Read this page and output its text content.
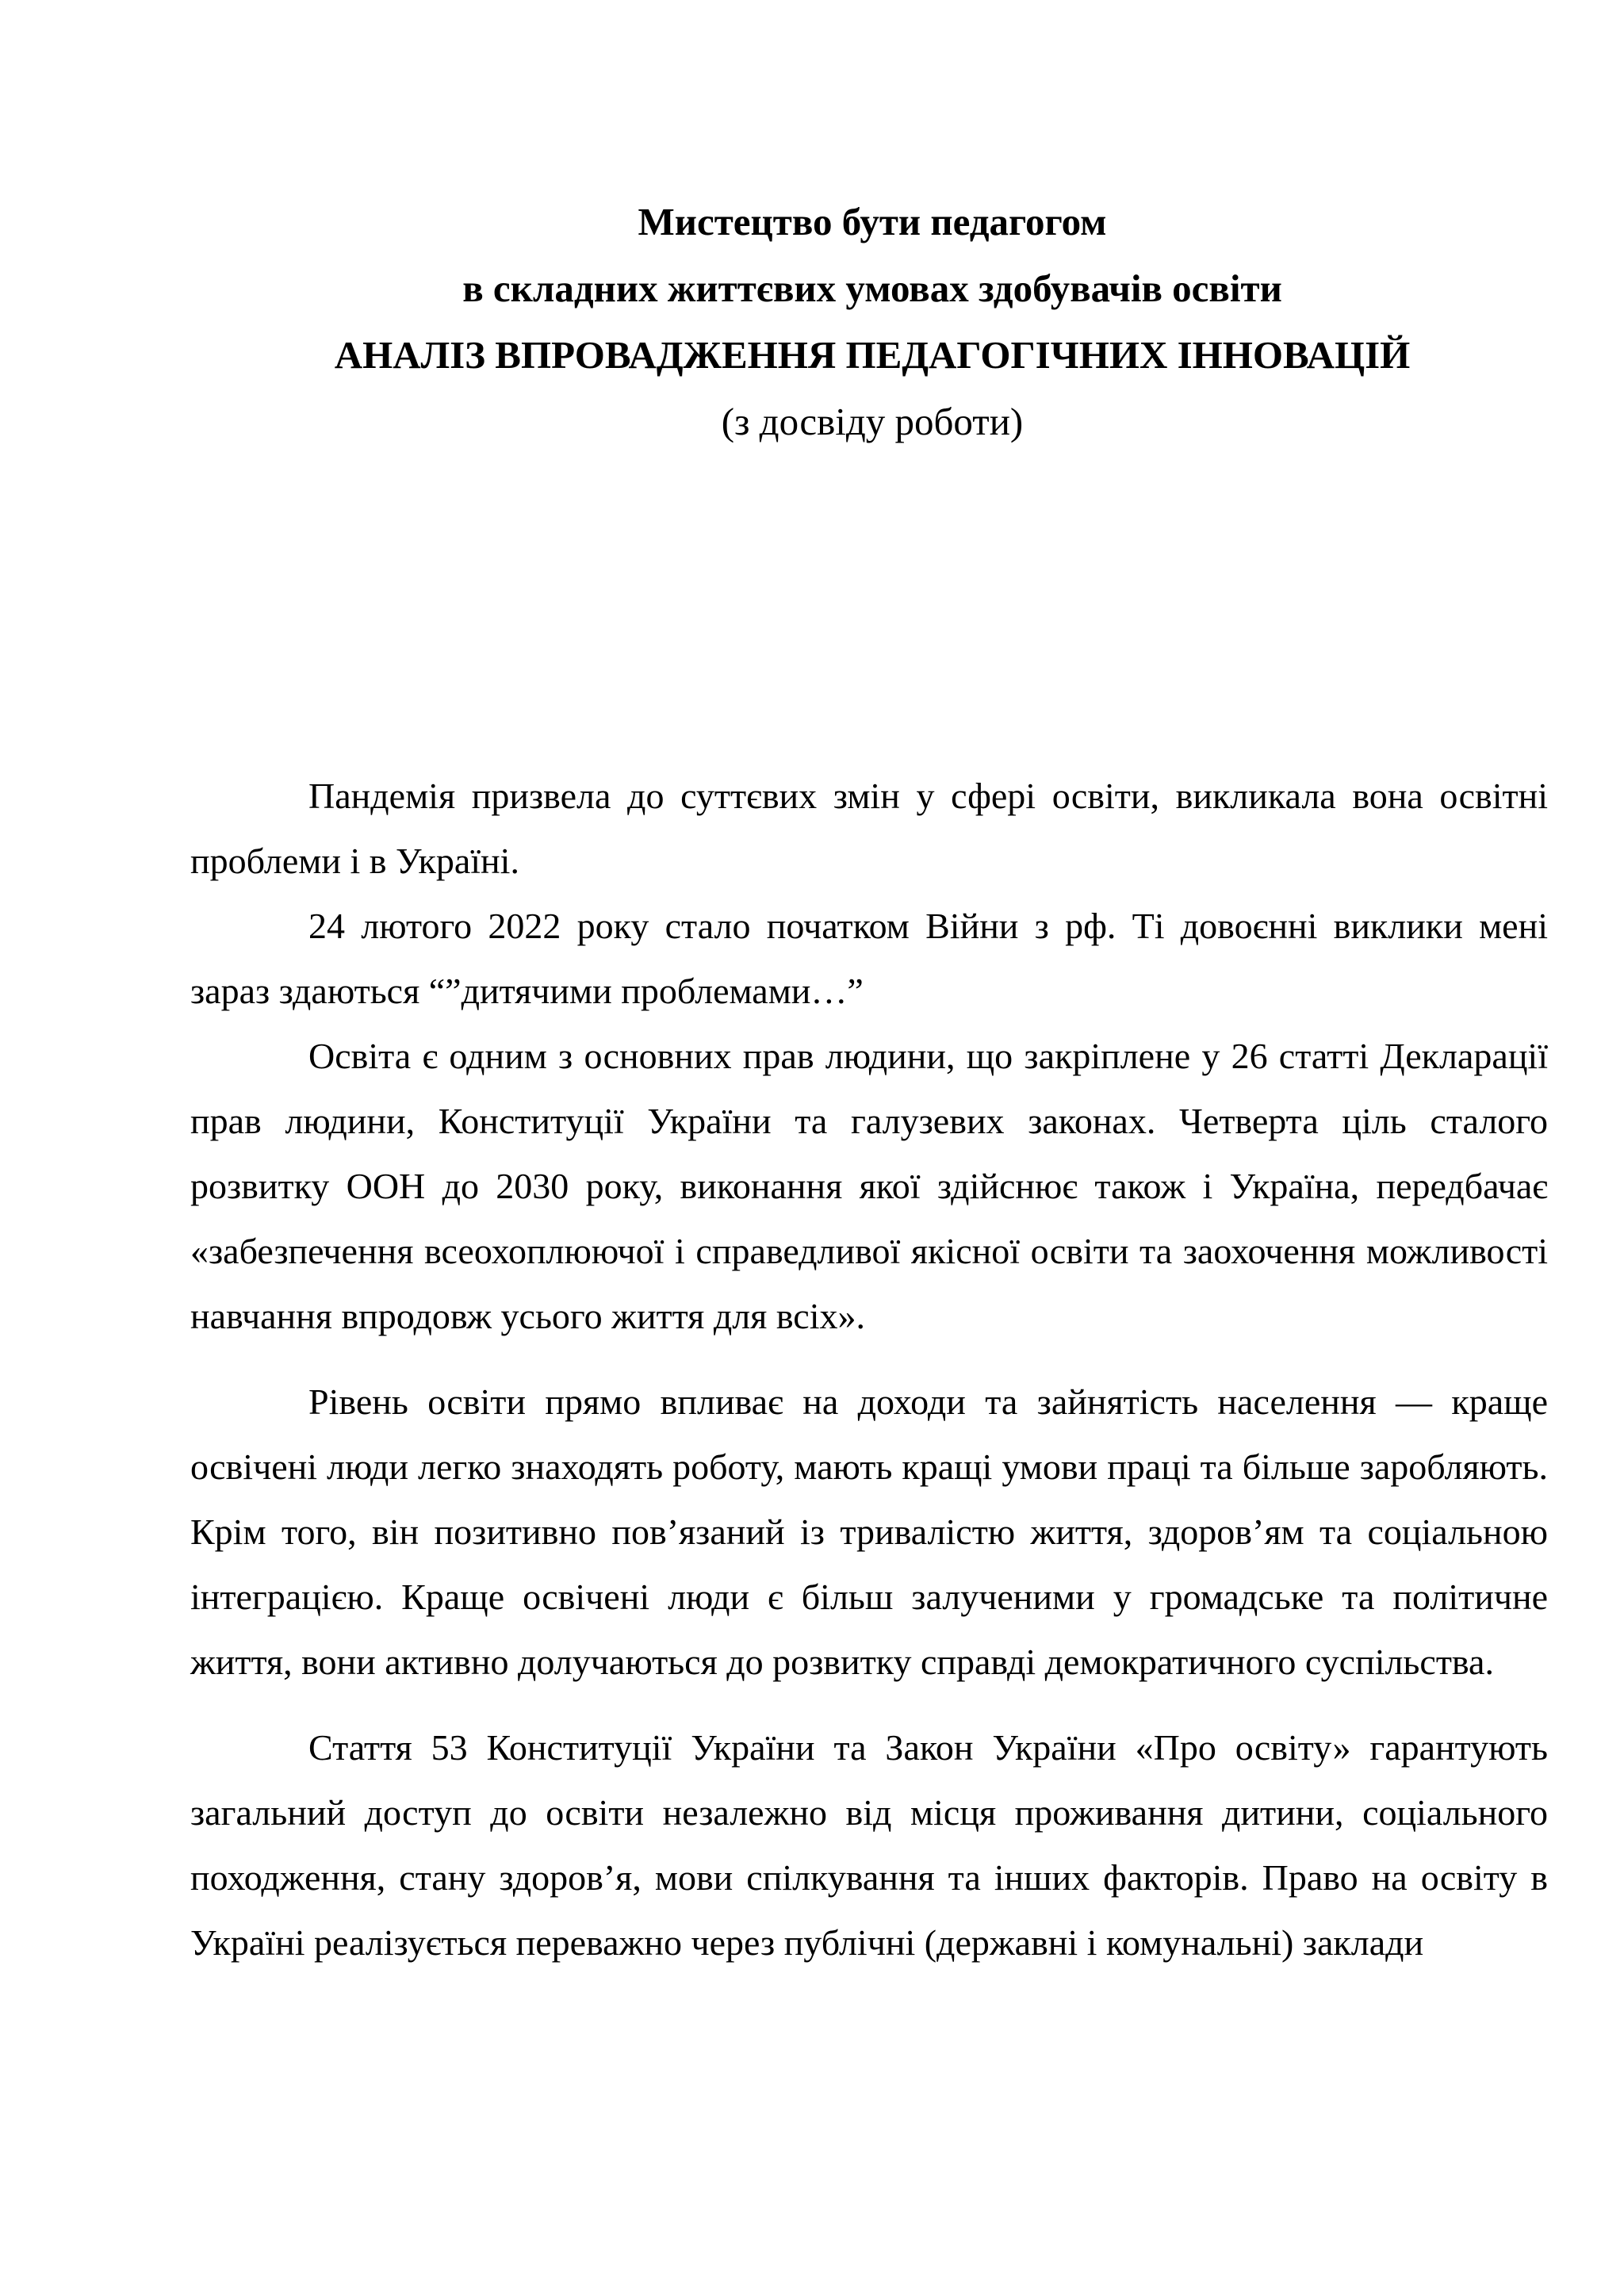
Мистецтво бути педагогом
в складних життєвих умовах здобувачів освіти
АНАЛІЗ ВПРОВАДЖЕННЯ ПЕДАГОГІЧНИХ ІННОВАЦІЙ
(з досвіду роботи)

Пандемія призвела до суттєвих змін у сфері освіти, викликала вона освітні проблеми і в Україні.

24 лютого 2022 року стало початком Війни з рф. Ті довоєнні виклики мені зараз здаються “”дитячими проблемами…”

Освіта є одним з основних прав людини, що закріплене у 26 статті Декларації прав людини, Конституції України та галузевих законах. Четверта ціль сталого розвитку ООН до 2030 року, виконання якої здійснює також і Україна, передбачає «забезпечення всеохоплюючої і справедливої якісної освіти та заохочення можливості навчання впродовж усього життя для всіх».

Рівень освіти прямо впливає на доходи та зайнятість населення — краще освічені люди легко знаходять роботу, мають кращі умови праці та більше заробляють. Крім того, він позитивно пов’язаний із тривалістю життя, здоров’ям та соціальною інтеграцією. Краще освічені люди є більш залученими у громадське та політичне життя, вони активно долучаються до розвитку справді демократичного суспільства.

Стаття 53 Конституції України та Закон України «Про освіту» гарантують загальний доступ до освіти незалежно від місця проживання дитини, соціального походження, стану здоров’я, мови спілкування та інших факторів. Право на освіту в Україні реалізується переважно через публічні (державні і комунальні) заклади
